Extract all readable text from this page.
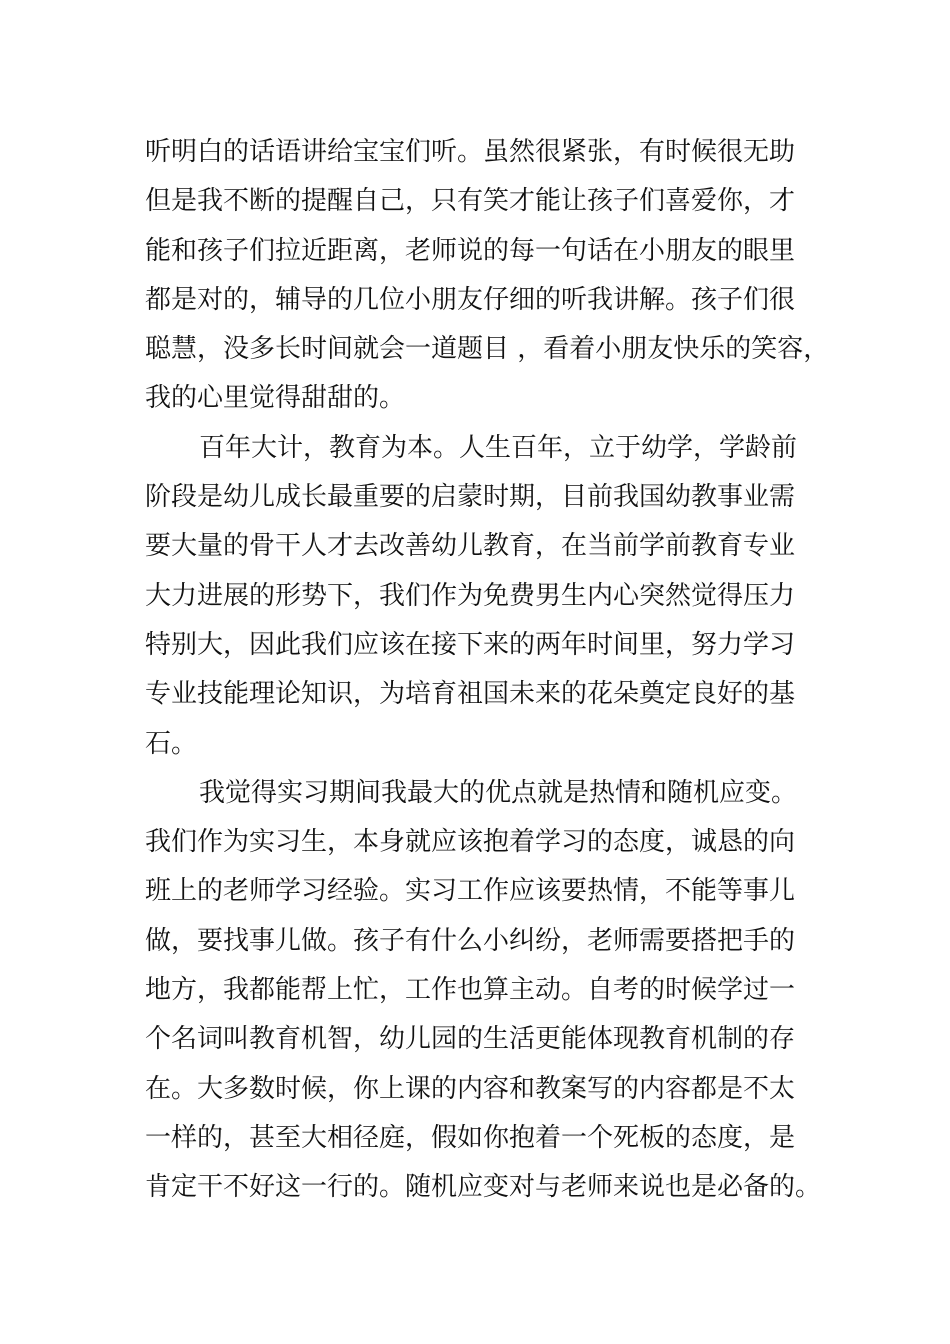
听明白的话语讲给宝宝们听。虽然很紧张，有时候很无助
但是我不断的提醒自己，只有笑才能让孩子们喜爱你，才
能和孩子们拉近距离，老师说的每一句话在小朋友的眼里
都是对的，辅导的几位小朋友仔细的听我讲解。孩子们很
聪慧，没多长时间就会一道题目 ，看着小朋友快乐的笑容，
我的心里觉得甜甜的。
百年大计，教育为本。人生百年，立于幼学，学龄前
阶段是幼儿成长最重要的启蒙时期，目前我国幼教事业需
要大量的骨干人才去改善幼儿教育，在当前学前教育专业
大力进展的形势下，我们作为免费男生内心突然觉得压力
特别大，因此我们应该在接下来的两年时间里，努力学习
专业技能理论知识，为培育祖国未来的花朵奠定良好的基
石。
我觉得实习期间我最大的优点就是热情和随机应变。
我们作为实习生，本身就应该抱着学习的态度，诚恳的向
班上的老师学习经验。实习工作应该要热情，不能等事儿
做，要找事儿做。孩子有什么小纠纷，老师需要搭把手的
地方，我都能帮上忙，工作也算主动。自考的时候学过一
个名词叫教育机智，幼儿园的生活更能体现教育机制的存
在。大多数时候，你上课的内容和教案写的内容都是不太
一样的，甚至大相径庭，假如你抱着一个死板的态度，是
肯定干不好这一行的。随机应变对与老师来说也是必备的。
